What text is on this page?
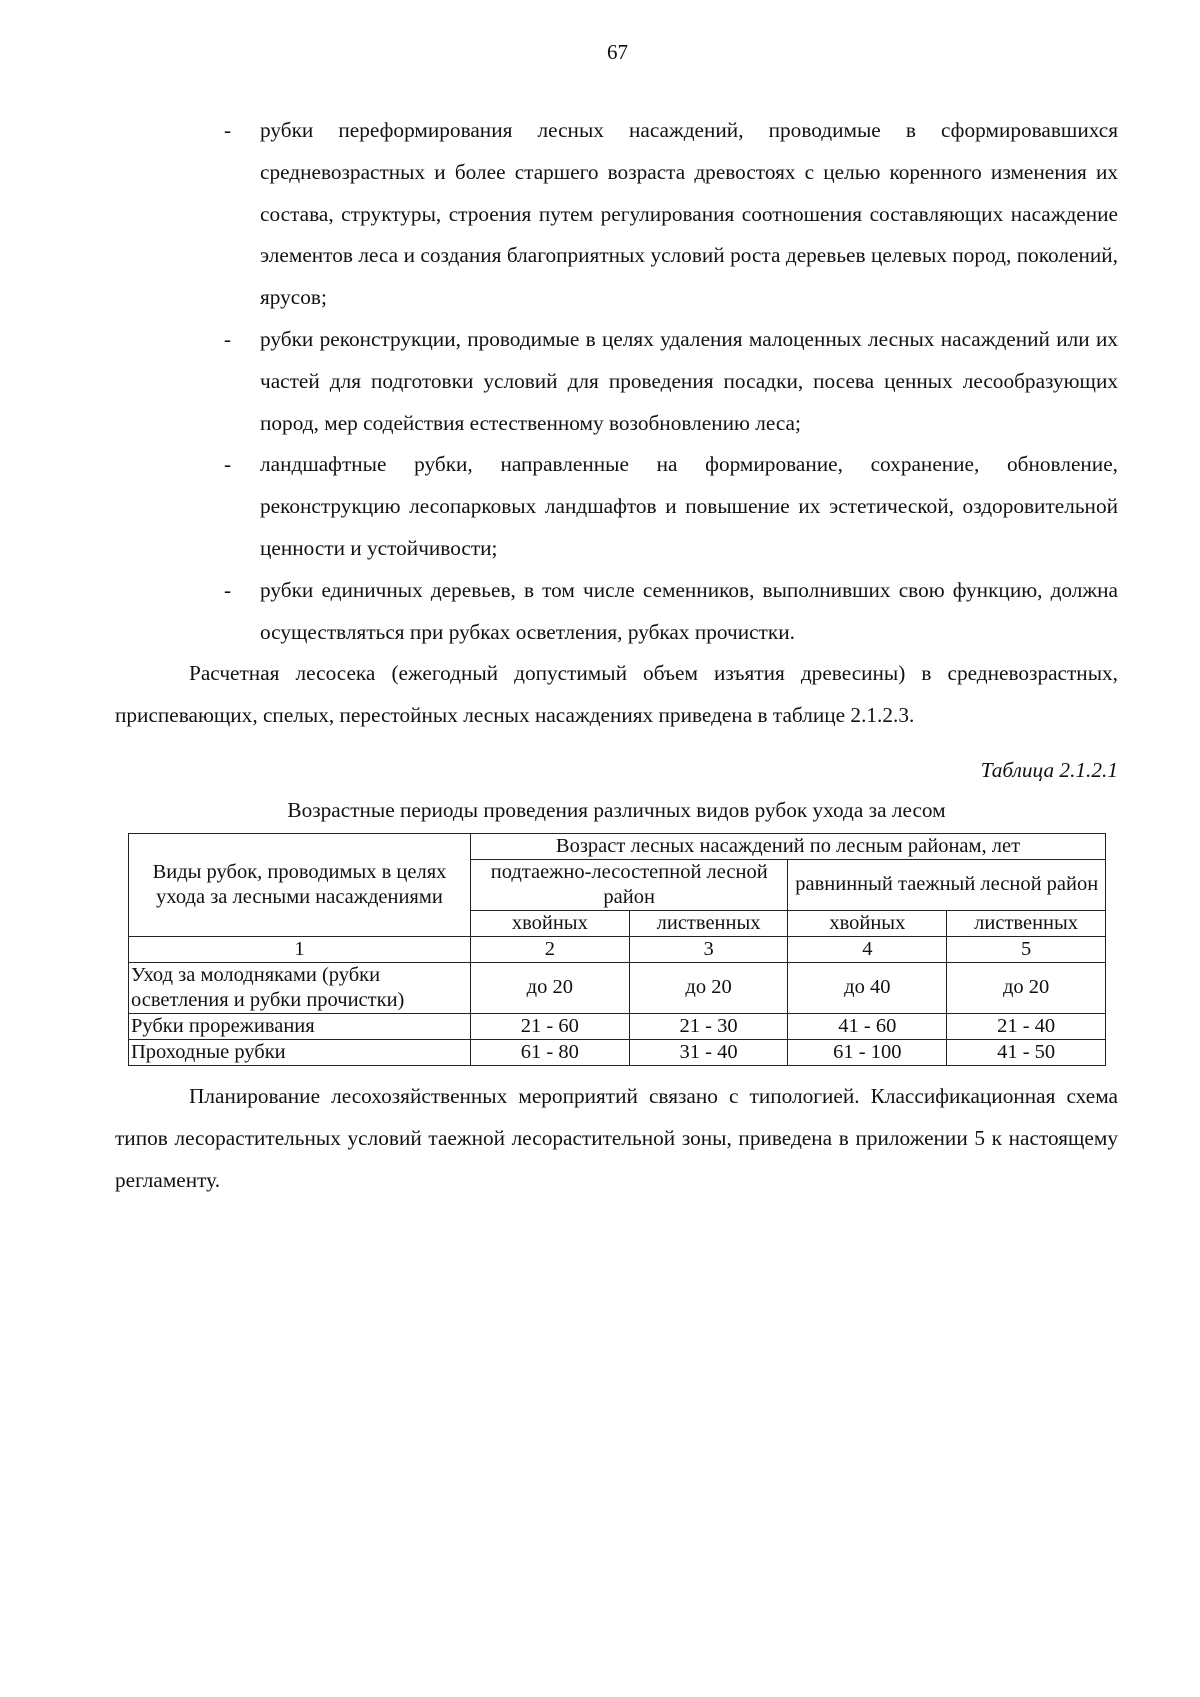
67
- рубки переформирования лесных насаждений, проводимые в сформировавшихся средневозрастных и более старшего возраста древостоях с целью коренного изменения их состава, структуры, строения путем регулирования соотношения составляющих насаждение элементов леса и создания благоприятных условий роста деревьев целевых пород, поколений, ярусов;
- рубки реконструкции, проводимые в целях удаления малоценных лесных насаждений или их частей для подготовки условий для проведения посадки, посева ценных лесообразующих пород, мер содействия естественному возобновлению леса;
- ландшафтные рубки, направленные на формирование, сохранение, обновление, реконструкцию лесопарковых ландшафтов и повышение их эстетической, оздоровительной ценности и устойчивости;
- рубки единичных деревьев, в том числе семенников, выполнивших свою функцию, должна осуществляться при рубках осветления, рубках прочистки.

Расчетная лесосека (ежегодный допустимый объем изъятия древесины) в средневозрастных, приспевающих, спелых, перестойных лесных насаждениях приведена в таблице 2.1.2.3.

Таблица 2.1.2.1
Возрастные периоды проведения различных видов рубок ухода за лесом
Виды рубок, проводимых в целях ухода за лесными насаждениями	Возраст лесных насаждений по лесным районам, лет			
	подтаежно-лесостепной лесной район		равнинный таежный лесной район	
	хвойных	лиственных	хвойных	лиственных
1	2	3	4	5
Уход за молодняками (рубки осветления и рубки прочистки)	до 20	до 20	до 40	до 20
Рубки прореживания	21 - 60	21 - 30	41 - 60	21 - 40
Проходные рубки	61 - 80	31 - 40	61 - 100	41 - 50

Планирование лесохозяйственных мероприятий связано с типологией. Классификационная схема типов лесорастительных условий таежной лесорастительной зоны, приведена в приложении 5 к настоящему регламенту.
